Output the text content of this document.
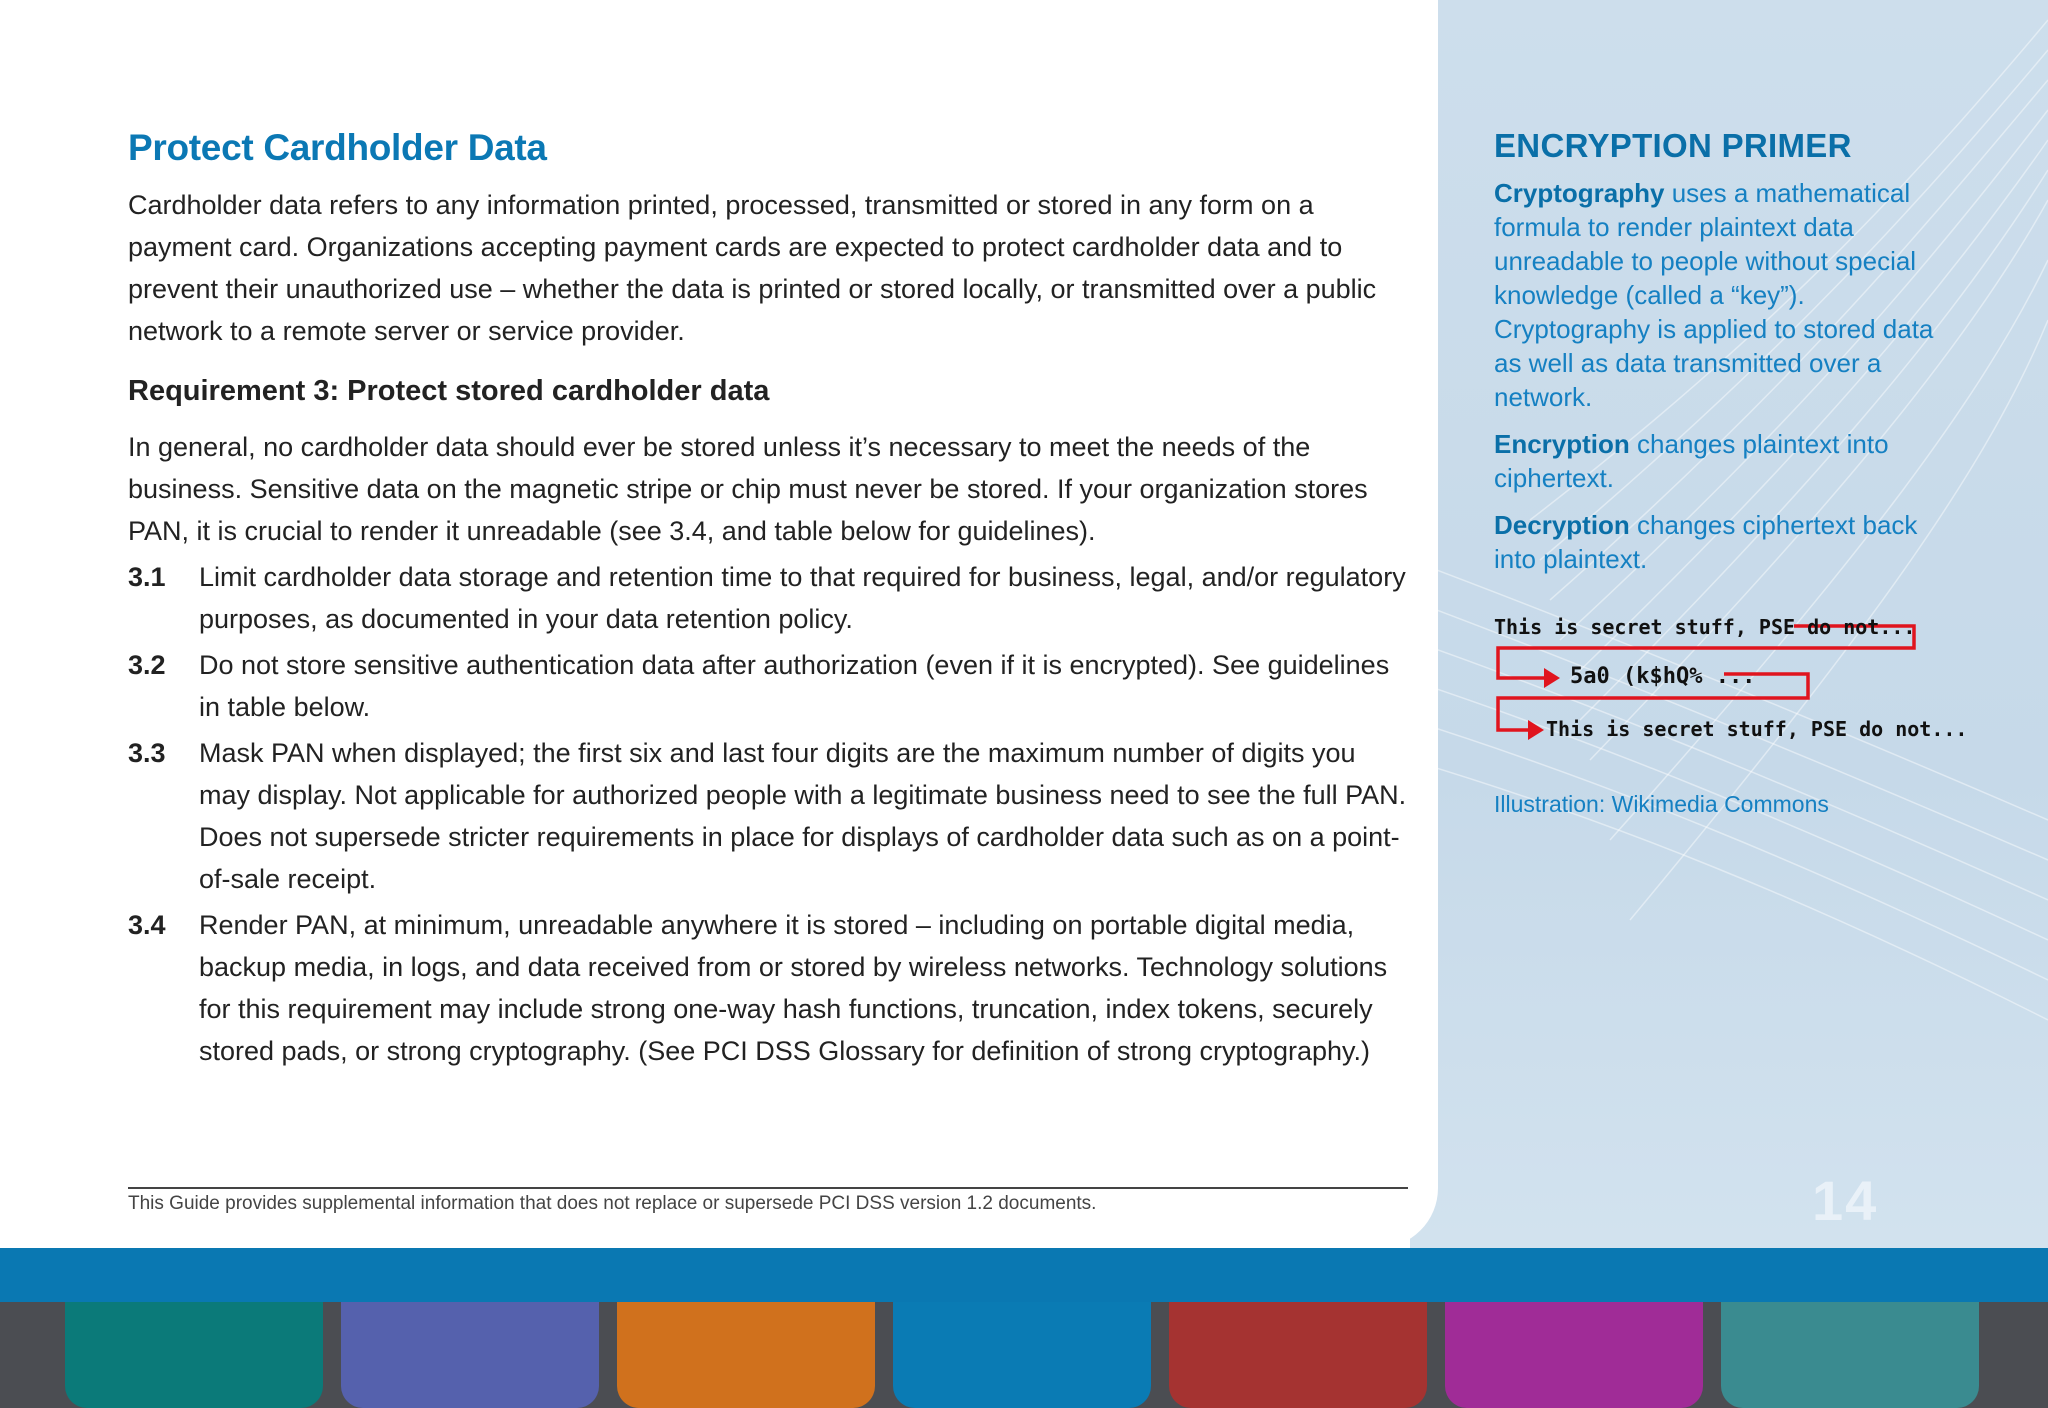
Protect Cardholder Data

Cardholder data refers to any information printed, processed, transmitted or stored in any form on a payment card. Organizations accepting payment cards are expected to protect cardholder data and to prevent their unauthorized use – whether the data is printed or stored locally, or transmitted over a public network to a remote server or service provider.

Requirement 3: Protect stored cardholder data

In general, no cardholder data should ever be stored unless it’s necessary to meet the needs of the business. Sensitive data on the magnetic stripe or chip must never be stored. If your organization stores PAN, it is crucial to render it unreadable (see 3.4, and table below for guidelines).

3.1	Limit cardholder data storage and retention time to that required for business, legal, and/or regulatory purposes, as documented in your data retention policy.
3.2	Do not store sensitive authentication data after authorization (even if it is encrypted). See guidelines in table below.
3.3	Mask PAN when displayed; the first six and last four digits are the maximum number of digits you may display. Not applicable for authorized people with a legitimate business need to see the full PAN. Does not supersede stricter requirements in place for displays of cardholder data such as on a point-of-sale receipt.
3.4	Render PAN, at minimum, unreadable anywhere it is stored – including on portable digital media, backup media, in logs, and data received from or stored by wireless networks. Technology solutions for this requirement may include strong one-way hash functions, truncation, index tokens, securely stored pads, or strong cryptography. (See PCI DSS Glossary for definition of strong cryptography.)
This Guide provides supplemental information that does not replace or supersede PCI DSS version 1.2 documents.
ENCRYPTION PRIMER

Cryptography uses a mathematical formula to render plaintext data unreadable to people without special knowledge (called a “key”). Cryptography is applied to stored data as well as data transmitted over a network.

Encryption changes plaintext into ciphertext.

Decryption changes ciphertext back into plaintext.

This is secret stuff, PSE do not...
5a0 (k$hQ% ...
This is secret stuff, PSE do not...
Illustration: Wikimedia Commons
14
